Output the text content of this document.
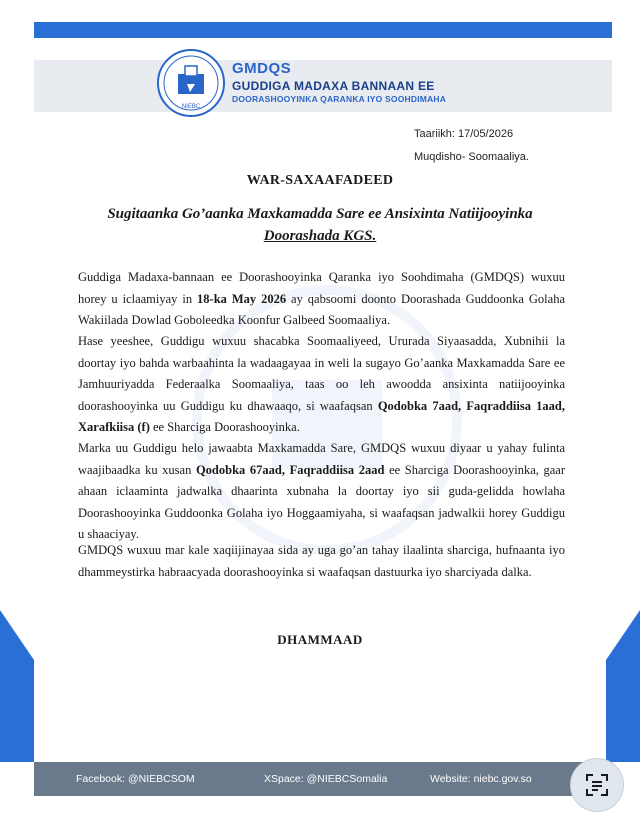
NIEBC
GMDQS
GUDDIGA MADAXA BANNAAN EE
DOORASHOOYINKA QARANKA IYO SOOHDIMAHA
Taariikh: 17/05/2026
Muqdisho- Soomaaliya.
WAR-SAXAAFADEED
Sugitaanka Go’aanka Maxkamadda Sare ee Ansixinta Natiijooyinka
Doorashada KGS.
Guddiga Madaxa-bannaan ee Doorashooyinka Qaranka iyo Soohdimaha (GMDQS) wuxuu horey u iclaamiyay in 18-ka May 2026 ay qabsoomi doonto Doorashada Guddoonka Golaha Wakiilada Dowlad Goboleedka Koonfur Galbeed Soomaaliya.
Hase yeeshee, Guddigu wuxuu shacabka Soomaaliyeed, Ururada Siyaasadda, Xubnihii la doortay iyo bahda warbaahinta la wadaagayaa in weli la sugayo Go’aanka Maxkamadda Sare ee Jamhuuriyadda Federaalka Soomaaliya, taas oo leh awoodda ansixinta natiijooyinka doorashooyinka uu Guddigu ku dhawaaqo, si waafaqsan Qodobka 7aad, Faqraddiisa 1aad, Xarafkiisa (f) ee Sharciga Doorashooyinka.
Marka uu Guddigu helo jawaabta Maxkamadda Sare, GMDQS wuxuu diyaar u yahay fulinta waajibaadka ku xusan Qodobka 67aad, Faqraddiisa 2aad ee Sharciga Doorashooyinka, gaar ahaan iclaaminta jadwalka dhaarinta xubnaha la doortay iyo sii guda-gelidda howlaha Doorashooyinka Guddoonka Golaha iyo Hoggaamiyaha, si waafaqsan jadwalkii horey Guddigu u shaaciyay.
GMDQS wuxuu mar kale xaqiijinayaa sida ay uga go’an tahay ilaalinta sharciga, hufnaanta iyo dhammeystirka habraacyada doorashooyinka si waafaqsan dastuurka iyo sharciyada dalka.
DHAMMAAD
Facebook: @NIEBCSOM	XSpace: @NIEBCSomalia	Website: niebc.gov.so
